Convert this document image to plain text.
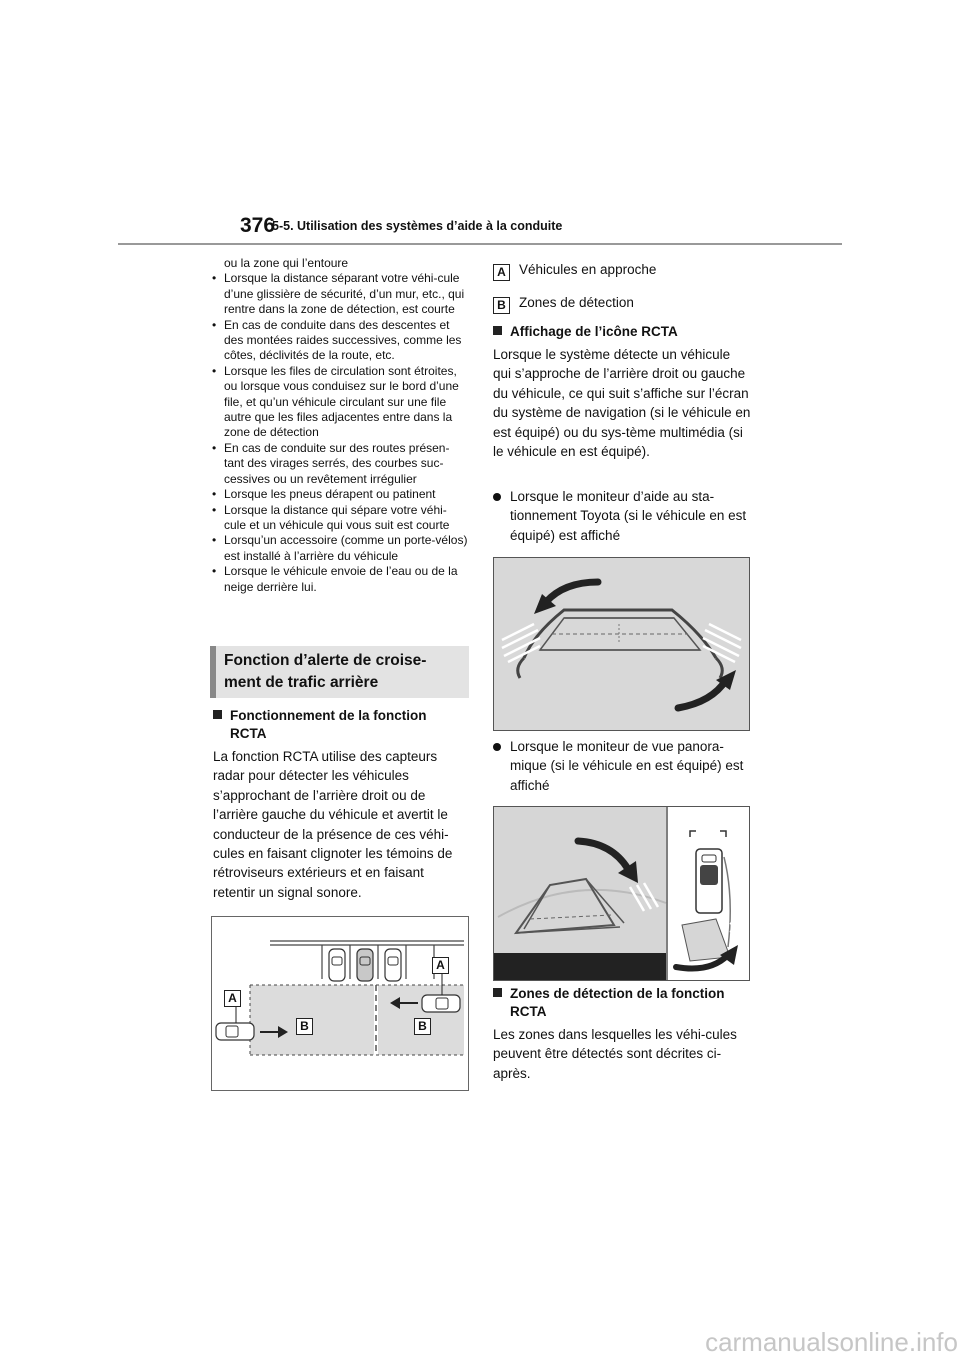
376
5-5. Utilisation des systèmes d’aide à la conduite
ou la zone qui l’entoure
• Lorsque la distance séparant votre véhi-cule d’une glissière de sécurité, d’un mur, etc., qui rentre dans la zone de détection, est courte
• En cas de conduite dans des descentes et des montées raides successives, comme les côtes, déclivités de la route, etc.
• Lorsque les files de circulation sont étroites, ou lorsque vous conduisez sur le bord d’une file, et qu’un véhicule circulant sur une file autre que les files adjacentes entre dans la zone de détection
• En cas de conduite sur des routes présen-tant des virages serrés, des courbes suc-cessives ou un revêtement irrégulier
• Lorsque les pneus dérapent ou patinent
• Lorsque la distance qui sépare votre véhi-cule et un véhicule qui vous suit est courte
• Lorsqu’un accessoire (comme un porte-vélos) est installé à l’arrière du véhicule
• Lorsque le véhicule envoie de l’eau ou de la neige derrière lui.
Fonction d’alerte de croise-
ment de trafic arrière
Fonctionnement de la fonction
RCTA
La fonction RCTA utilise des capteurs radar pour détecter les véhicules s’approchant de l’arrière droit ou de l’arrière gauche du véhicule et avertit le conducteur de la présence de ces véhi-cules en faisant clignoter les témoins de rétroviseurs extérieurs et en faisant retentir un signal sonore.
A
A
B	B
A Véhicules en approche
B Zones de détection
Affichage de l’icône RCTA
Lorsque le système détecte un véhicule qui s’approche de l’arrière droit ou gauche du véhicule, ce qui suit s’affiche sur l’écran du système de navigation (si le véhicule en est équipé) ou du sys-tème multimédia (si le véhicule en est équipé).
Lorsque le moniteur d’aide au sta-tionnement Toyota (si le véhicule en est équipé) est affiché
Lorsque le moniteur de vue panora-mique (si le véhicule en est équipé) est affiché
Zones de détection de la fonction
RCTA
Les zones dans lesquelles les véhi-cules peuvent être détectés sont décrites ci-après.
carmanualsonline.info
